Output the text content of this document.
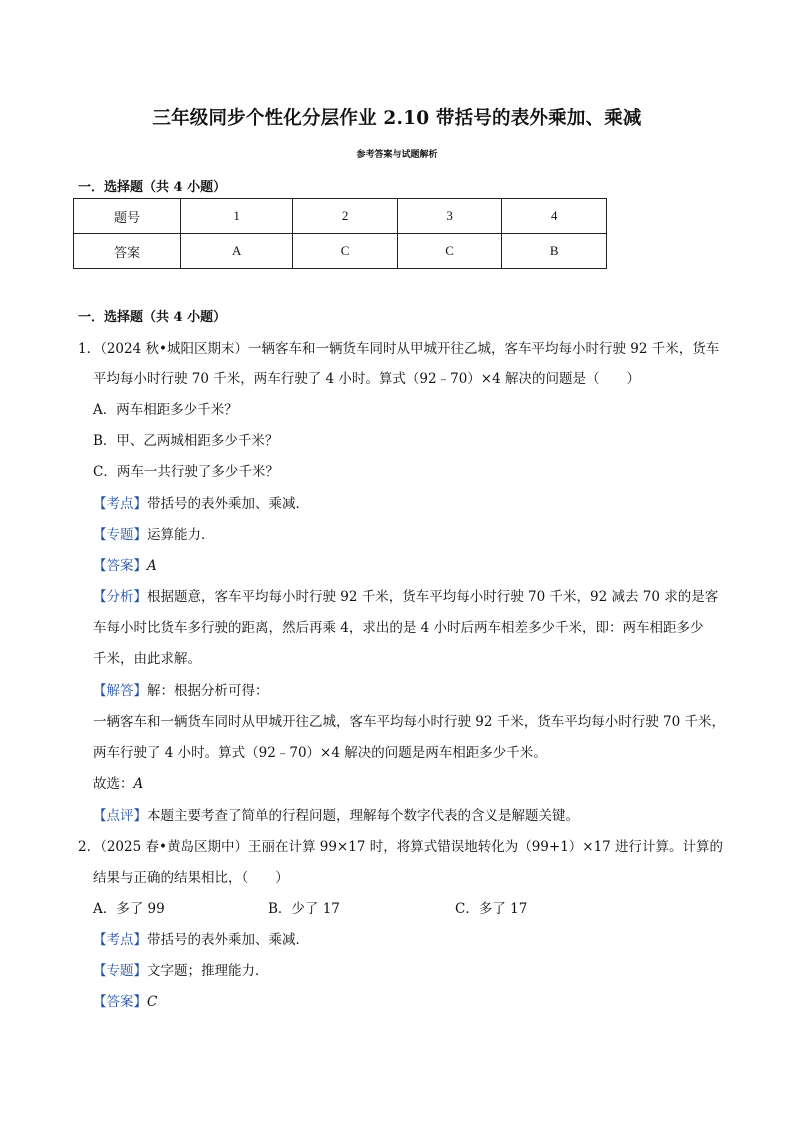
三年级同步个性化分层作业 2.10 带括号的表外乘加、乘减
参考答案与试题解析
一．选择题（共 4 小题）
题号	1	2	3	4
答案	A	C	C	B
一．选择题（共 4 小题）
1．（2024 秋•城阳区期末）一辆客车和一辆货车同时从甲城开往乙城，客车平均每小时行驶 92 千米，货车
平均每小时行驶 70 千米，两车行驶了 4 小时。算式（92﹣70）×4 解决的问题是（　　）
A．两车相距多少千米？
B．甲、乙两城相距多少千米？
C．两车一共行驶了多少千米？
【考点】带括号的表外乘加、乘减．
【专题】运算能力．
【答案】A
【分析】根据题意，客车平均每小时行驶 92 千米，货车平均每小时行驶 70 千米，92 减去 70 求的是客
车每小时比货车多行驶的距离，然后再乘 4，求出的是 4 小时后两车相差多少千米，即：两车相距多少
千米，由此求解。
【解答】解：根据分析可得：
一辆客车和一辆货车同时从甲城开往乙城，客车平均每小时行驶 92 千米，货车平均每小时行驶 70 千米，
两车行驶了 4 小时。算式（92﹣70）×4 解决的问题是两车相距多少千米。
故选：A
【点评】本题主要考查了简单的行程问题，理解每个数字代表的含义是解题关键。
2．（2025 春•黄岛区期中）王丽在计算 99×17 时，将算式错误地转化为（99+1）×17 进行计算。计算的
结果与正确的结果相比，（　　）
A．多了 99	B．少了 17	C．多了 17
【考点】带括号的表外乘加、乘减．
【专题】文字题；推理能力．
【答案】C
